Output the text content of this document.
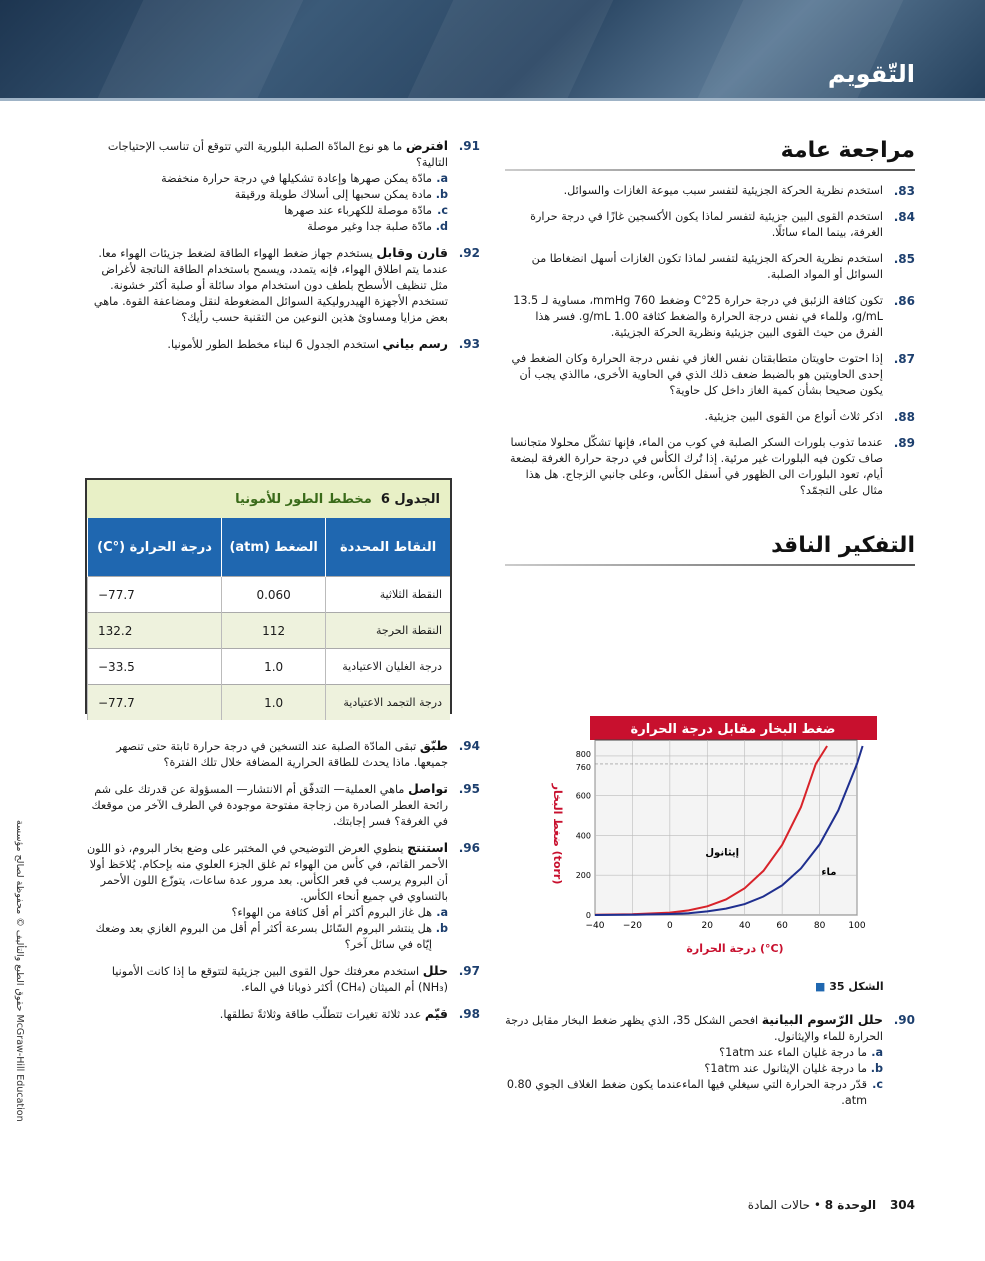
التّقويم
مراجعة عامة
83.
استخدم نظرية الحركة الجزيئية لتفسر سبب ميوعة الغازات والسوائل.
84.
استخدم القوى البين جزيئية لتفسر لماذا يكون الأكسجين غازًا في درجة حرارة الغرفة، بينما الماء سائلًا.
85.
استخدم نظرية الحركة الجزيئية لتفسر لماذا تكون الغازات أسهل انضغاطا من السوائل أو المواد الصلبة.
86.
تكون كثافة الزئبق في درجة حرارة 25°C وضغط 760 mmHg، مساوية لـ 13.5 g/mL، وللماء في نفس درجة الحرارة والضغط كثافة 1.00 g/mL. فسر هذا الفرق من حيث القوى البين جزيئية ونظرية الحركة الجزيئية.
87.
إذا احتوت حاويتان متطابقتان نفس الغاز في نفس درجة الحرارة وكان الضغط في إحدى الحاويتين هو بالضبط ضعف ذلك الذي في الحاوية الأخرى، ماالذي يجب أن يكون صحيحا بشأن كمية الغاز داخل كل حاوية؟
88.
اذكر ثلاث أنواع من القوى البين جزيئية.
89.
عندما تذوب بلورات السكر الصلبة في كوب من الماء، فإنها تشكّل محلولا متجانسا صاف تكون فيه البلورات غير مرئية. إذا تُرك الكأس في درجة حرارة الغرفة لبضعة أيام، تعود البلورات الى الظهور في أسفل الكأس، وعلى جانبي الزجاج. هل هذا مثال على التجمّد؟
التفكير الناقد
ضغط البخار مقابل درجة الحرارة
−40 −20	0	20	40	60	80	100
0
200
400
600
760
800
إيثانول
ماء
درجة الحرارة (°C)
ضغط البخار (torr)
الشكل 35 ■
90.
حلل الرّسوم البيانية افحص الشكل 35، الذي يظهر ضغط البخار مقابل درجة الحرارة للماء والإيثانول.
a.
ما درجة غليان الماء عند 1atm؟
b.
ما درجة غليان الإيثانول عند 1atm؟
c.
قدّر درجة الحرارة التي سيغلي فيها الماءعندما يكون ضغط الغلاف الجوي 0.80 atm.
91.
افترض ما هو نوع المادّة الصلبة البلورية التي تتوقع أن تناسب الإحتياجات التالية؟
a.
مادّة يمكن صهرها وإعادة تشكيلها في درجة حرارة منخفضة
b.
مادة يمكن سحبها إلى أسلاك طويلة ورقيقة
c.
مادّة موصلة للكهرباء عند صهرها
d.
مادّة صلبة جدا وغير موصلة
92.
قارن وقابل يستخدم جهاز ضغط الهواء الطاقة لضغط جزيئات الهواء معا. عندما يتم اطلاق الهواء، فإنه يتمدد، ويسمح باستخدام الطاقة الناتجة لأغراض مثل تنظيف الأسطح بلطف دون استخدام مواد سائلة أو صلبة أكثر خشونة. تستخدم الأجهزة الهيدروليكية السوائل المضغوطة لنقل ومضاعفة القوة. ماهي بعض مزايا ومساوئ هذين النوعين من التقنية حسب رأيك؟
93.
رسم بياني استخدم الجدول 6 لبناء مخطط الطور للأمونيا.
مخطط الطور للأمونيا
الجدول 6
النقاط المحددة	الضغط (atm)	درجة الحرارة (°C)
النقطة الثلاثية	0.060	−77.7
النقطة الحرجة	112	132.2
درجة الغليان الاعتيادية	1.0	−33.5
درجة التجمد الاعتيادية	1.0	−77.7
94.
طبّق تبقى المادّة الصلبة عند التسخين في درجة حرارة ثابتة حتى تنصهر جميعها. ماذا يحدث للطاقة الحرارية المضافة خلال تلك الفترة؟
95.
تواصل ماهي العملية— التدفّق أم الانتشار— المسؤولة عن قدرتك على شم رائحة العطر الصادرة من زجاجة مفتوحة موجودة في الطرف الآخر من موقعك في الغرفة؟ فسر إجابتك.
96.
استنتج ينطوي العرض التوضيحي في المختبر على وضع بخار البروم، ذو اللون الأحمر القاتم، في كأس من الهواء ثم غلق الجزء العلوي منه بإحكام. يُلاحَظ أولا أن البروم يرسب في قعر الكأس. بعد مرور عدة ساعات، يتوزّع اللون الأحمر بالتساوي في جميع أنحاء الكأس.
a.
هل غاز البروم أكثر أم أقل كثافة من الهواء؟
b.
هل ينتشر البروم السّائل بسرعة أكثر أم أقل من البروم الغازي بعد وضعك إيّاه في سائل آخر؟
97.
حلل استخدم معرفتك حول القوى البين جزيئية لتتوقع ما إذا كانت الأمونيا (NH₃) أم الميثان (CH₄) أكثر ذوبانا في الماء.
98.
قيّم عدد ثلاثة تغيرات تتطلّب طاقة وثلاثةً تطلقها.
حقوق الطبع والتأليف © محفوظة لصالح مؤسسة McGraw-Hill Education
304 الوحدة 8 • حالات المادة
